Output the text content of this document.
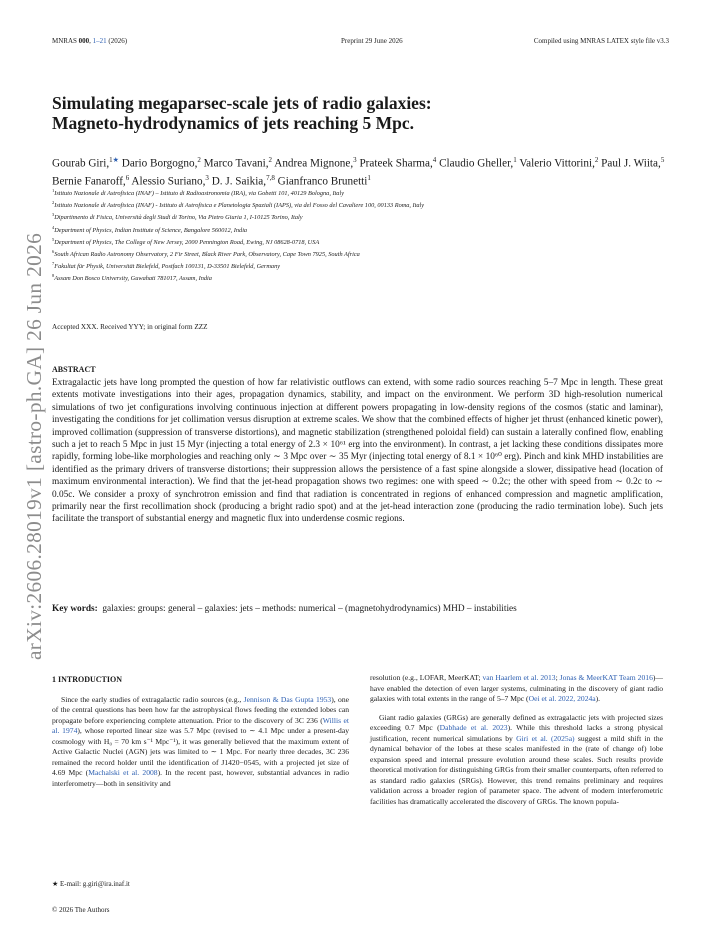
MNRAS 000, 1–21 (2026)	Preprint 29 June 2026	Compiled using MNRAS LATEX style file v3.3
arXiv:2606.28019v1 [astro-ph.GA] 26 Jun 2026
Simulating megaparsec-scale jets of radio galaxies:
Magneto-hydrodynamics of jets reaching 5 Mpc.
Gourab Giri,$^{1★}$ Dario Borgogno,$^2$ Marco Tavani,$^2$ Andrea Mignone,$^3$ Prateek Sharma,$^4$ Claudio Gheller,$^1$ Valerio Vittorini,$^2$ Paul J. Wiita,$^5$ Bernie Fanaroff,$^6$ Alessio Suriano,$^3$ D. J. Saikia,$^{7,8}$ Gianfranco Brunetti$^1$
$^1$Istituto Nazionale di Astrofisica (INAF) – Istituto di Radioastronomia (IRA), via Gobetti 101, 40129 Bologna, Italy
$^2$Istituto Nazionale di Astrofisica (INAF) - Istituto di Astrofisica e Planetologia Spaziali (IAPS), via del Fosso del Cavaliere 100, 00133 Roma, Italy
$^3$Dipartimento di Fisica, Università degli Studi di Torino, Via Pietro Giuria 1, I-10125 Torino, Italy
$^4$Department of Physics, Indian Institute of Science, Bangalore 560012, India
$^5$Department of Physics, The College of New Jersey, 2000 Pennington Road, Ewing, NJ 08628-0718, USA
$^6$South African Radio Astronomy Observatory, 2 Fir Street, Black River Park, Observatory, Cape Town 7925, South Africa
$^7$Fakultat für Physik, Universität Bielefeld, Postfach 100131, D-33501 Bielefeld, Germany
$^8$Assam Don Bosco University, Guwahati 781017, Assam, India
Accepted XXX. Received YYY; in original form ZZZ
ABSTRACT
Extragalactic jets have long prompted the question of how far relativistic outflows can extend, with some radio sources reaching 5–7 Mpc in length. These great extents motivate investigations into their ages, propagation dynamics, stability, and impact on the environment. We perform 3D high-resolution numerical simulations of two jet configurations involving continuous injection at different powers propagating in low-density regions of the cosmos (static and laminar), investigating the conditions for jet collimation versus disruption at extreme scales. We show that the combined effects of higher jet thrust (enhanced kinetic power), improved collimation (suppression of transverse distortions), and magnetic stabilization (strengthened poloidal field) can sustain a laterally confined flow, enabling such a jet to reach 5 Mpc in just 15 Myr (injecting a total energy of 2.3 × 10⁶¹ erg into the environment). In contrast, a jet lacking these conditions dissipates more rapidly, forming lobe-like morphologies and reaching only ∼ 3 Mpc over ∼ 35 Myr (injecting total energy of 8.1 × 10⁶⁰ erg). Pinch and kink MHD instabilities are identified as the primary drivers of transverse distortions; their suppression allows the persistence of a fast spine alongside a slower, dissipative head (location of maximum environmental interaction). We find that the jet-head propagation shows two regimes: one with speed ∼ 0.2c; the other with speed from ∼ 0.2c to ∼ 0.05c. We consider a proxy of synchrotron emission and find that radiation is concentrated in regions of enhanced compression and magnetic amplification, primarily near the first recollimation shock (producing a bright radio spot) and at the jet-head interaction zone (producing the radio termination lobe). Such jets facilitate the transport of substantial energy and magnetic flux into underdense cosmic regions.
Key words: galaxies: groups: general – galaxies: jets – methods: numerical – (magnetohydrodynamics) MHD – instabilities
1 INTRODUCTION
Since the early studies of extragalactic radio sources (e.g., Jennison & Das Gupta 1953), one of the central questions has been how far the astrophysical flows feeding the extended lobes can propagate before experiencing complete attenuation. Prior to the discovery of 3C 236 (Willis et al. 1974), whose reported linear size was 5.7 Mpc (revised to ∼ 4.1 Mpc under a present-day cosmology with H₀ = 70 km s⁻¹ Mpc⁻¹), it was generally believed that the maximum extent of Active Galactic Nuclei (AGN) jets was limited to ∼ 1 Mpc. For nearly three decades, 3C 236 remained the record holder until the identification of J1420−0545, with a projected jet size of 4.69 Mpc (Machalski et al. 2008). In the recent past, however, substantial advances in radio interferometry—both in sensitivity and
resolution (e.g., LOFAR, MeerKAT; van Haarlem et al. 2013; Jonas & MeerKAT Team 2016)—have enabled the detection of even larger systems, culminating in the discovery of giant radio galaxies with total extents in the range of 5–7 Mpc (Oei et al. 2022, 2024a).
Giant radio galaxies (GRGs) are generally defined as extragalactic jets with projected sizes exceeding 0.7 Mpc (Dabhade et al. 2023). While this threshold lacks a strong physical justification, recent numerical simulations by Giri et al. (2025a) suggest a mild shift in the dynamical behavior of the lobes at these scales manifested in the (rate of change of) lobe expansion speed and internal pressure evolution around these scales. Such results provide theoretical motivation for distinguishing GRGs from their smaller counterparts, often referred to as standard radio galaxies (SRGs). However, this trend remains preliminary and requires validation across a broader region of parameter space. The advent of modern interferometric facilities has dramatically accelerated the discovery of GRGs. The known popula-
★ E-mail: g.giri@ira.inaf.it
© 2026 The Authors
